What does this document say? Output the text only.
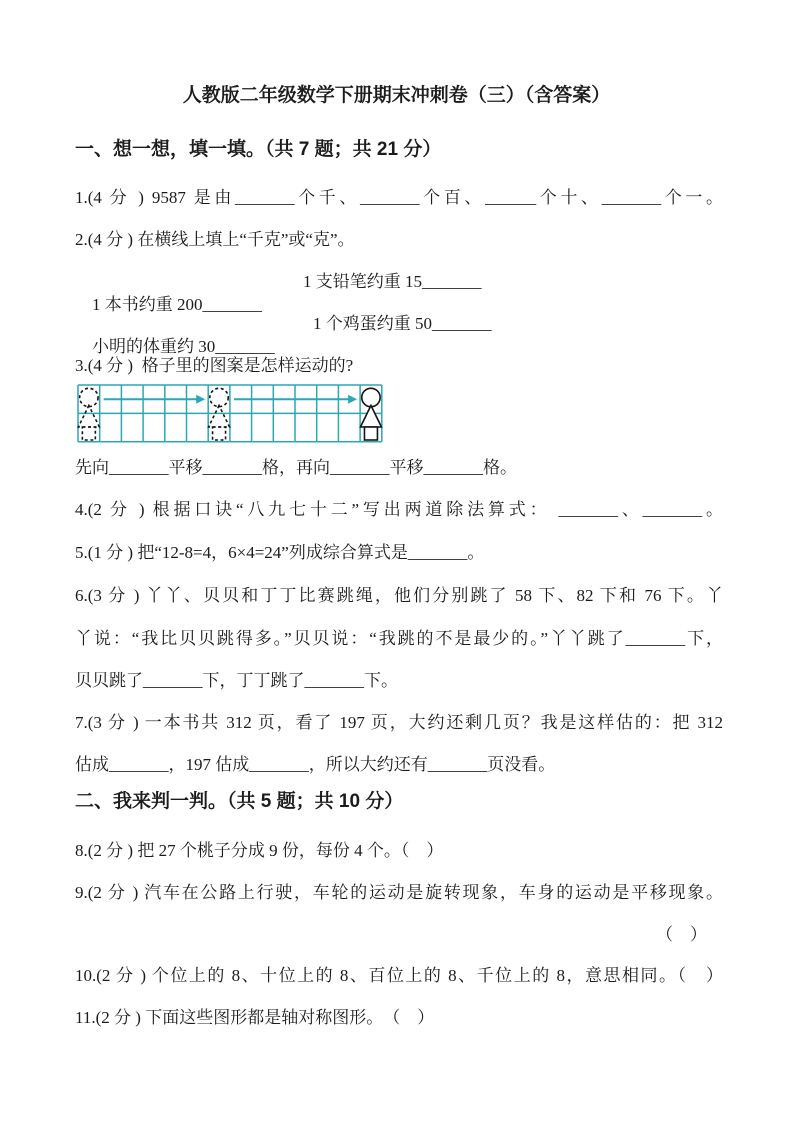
人教版二年级数学下册期末冲刺卷（三）（含答案）
一、想一想，填一填。（共 7 题；共 21 分）
1.(4 分 ) 9587 是由_______个千、_______个百、______个十、_______个一。
2.(4 分 ) 在横线上填上“千克”或“克”。

1 本书约重 200_______

1 支铅笔约重 15_______

小明的体重约 30_______

1 个鸡蛋约重 50_______

3.(4 分 )  格子里的图案是怎样运动的?
先向_______平移_______格，再向_______平移_______格。
4.(2 分 ) 根据口诀“八九七十二”写出两道除法算式： _______、_______。
5.(1 分 ) 把“12-8=4，6×4=24”列成综合算式是_______。
6.(3 分 ) 丫丫、贝贝和丁丁比赛跳绳，他们分别跳了 58 下、82 下和 76 下。丫
丫说：“我比贝贝跳得多。”贝贝说：“我跳的不是最少的。”丫丫跳了_______下，
贝贝跳了_______下，丁丁跳了_______下。
7.(3 分 ) 一本书共 312 页，看了 197 页，大约还剩几页？我是这样估的：把 312
估成_______，197 估成_______，所以大约还有_______页没看。
二、我来判一判。（共 5 题；共 10 分）
8.(2 分 ) 把 27 个桃子分成 9 份，每份 4 个。（　）
9.(2 分 ) 汽车在公路上行驶，车轮的运动是旋转现象，车身的运动是平移现象。
（　）
10.(2 分 ) 个位上的 8、十位上的 8、百位上的 8、千位上的 8，意思相同。（　）
11.(2 分 ) 下面这些图形都是轴对称图形。　（　）
